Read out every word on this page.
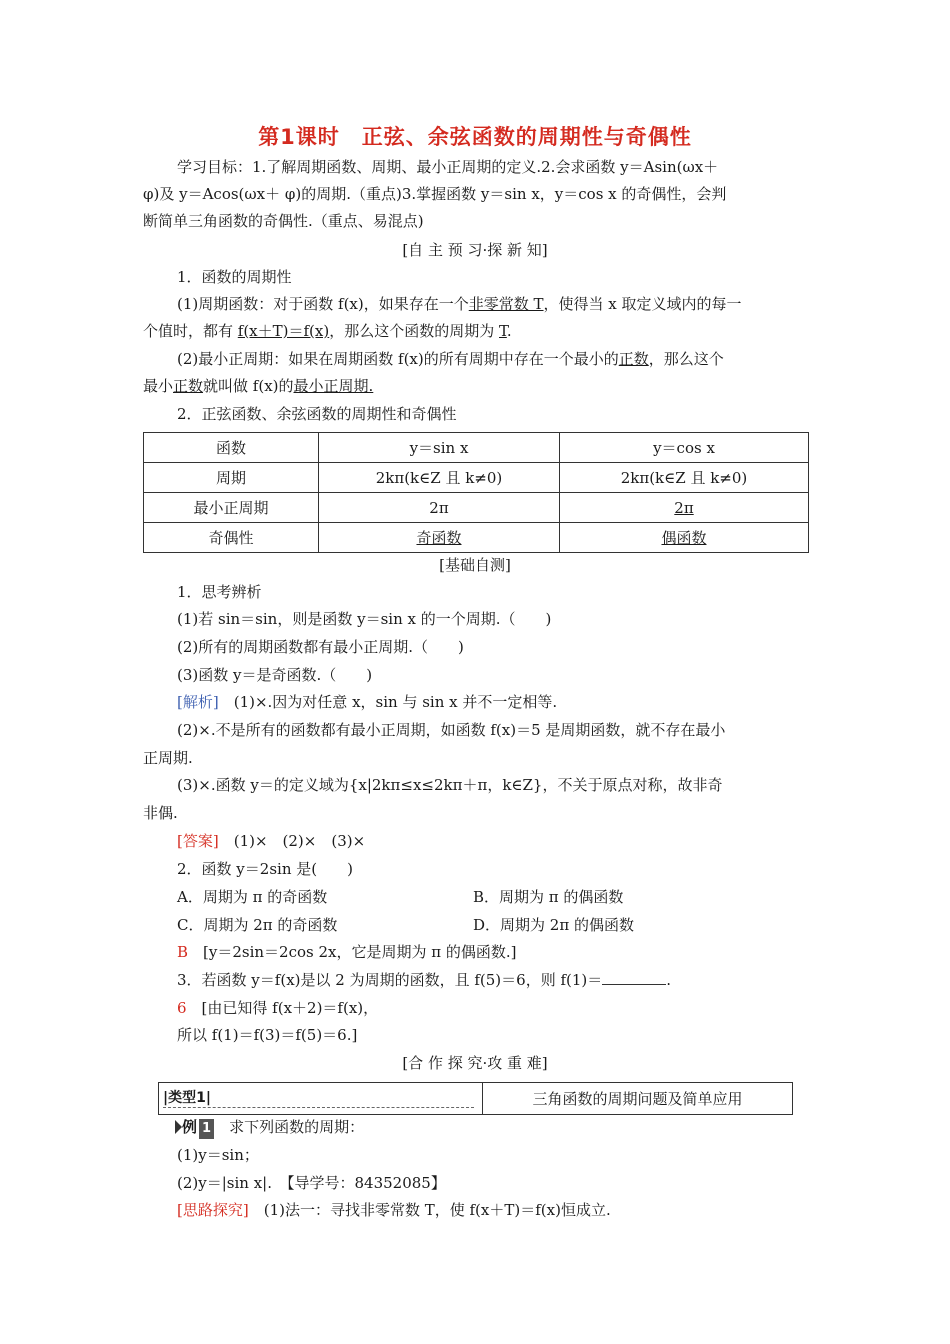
第1课时　正弦、余弦函数的周期性与奇偶性
学习目标：1.了解周期函数、周期、最小正周期的定义.2.会求函数 y＝Asin(ωx＋
φ)及 y＝Acos(ωx＋ φ)的周期.（重点)3.掌握函数 y＝sin x，y＝cos x 的奇偶性，会判
断简单三角函数的奇偶性.（重点、易混点)
[自 主 预 习·探 新 知]
1．函数的周期性
(1)周期函数：对于函数 f(x)，如果存在一个非零常数 T，使得当 x 取定义域内的每一
个值时，都有 f(x＋T)＝f(x)，那么这个函数的周期为 T.
(2)最小正周期：如果在周期函数 f(x)的所有周期中存在一个最小的正数，那么这个
最小正数就叫做 f(x)的最小正周期.
2．正弦函数、余弦函数的周期性和奇偶性
函数	y＝sin x	y＝cos x
周期	2kπ(k∈Z 且 k≠0)	2kπ(k∈Z 且 k≠0)
最小正周期	2π	2π
奇偶性	奇函数	偶函数
[基础自测]
1．思考辨析
(1)若 sin＝sin，则是函数 y＝sin x 的一个周期.（　　)
(2)所有的周期函数都有最小正周期.（　　)
(3)函数 y＝是奇函数.（　　)
[解析]　(1)×.因为对任意 x，sin 与 sin x 并不一定相等.
(2)×.不是所有的函数都有最小正周期，如函数 f(x)＝5 是周期函数，就不存在最小
正周期.
(3)×.函数 y＝的定义域为{x|2kπ≤x≤2kπ＋π，k∈Z}，不关于原点对称，故非奇
非偶.
[答案]　(1)×　(2)×　(3)×
2．函数 y＝2sin 是(　　)
A．周期为 π 的奇函数	B．周期为 π 的偶函数
C．周期为 2π 的奇函数	D．周期为 2π 的偶函数
B　[y＝2sin＝2cos 2x，它是周期为 π 的偶函数.]
3．若函数 y＝f(x)是以 2 为周期的函数，且 f(5)＝6，则 f(1)＝	.
6　[由已知得 f(x＋2)＝f(x)，
所以 f(1)＝f(3)＝f(5)＝6.]
[合 作 探 究·攻 重 难]
|类型1|	三角函数的周期问题及简单应用
例 1　求下列函数的周期：
(1)y＝sin；
(2)y＝|sin x|.　【导学号：84352085】
[思路探究]　(1)法一：寻找非零常数 T，使 f(x＋T)＝f(x)恒成立.
